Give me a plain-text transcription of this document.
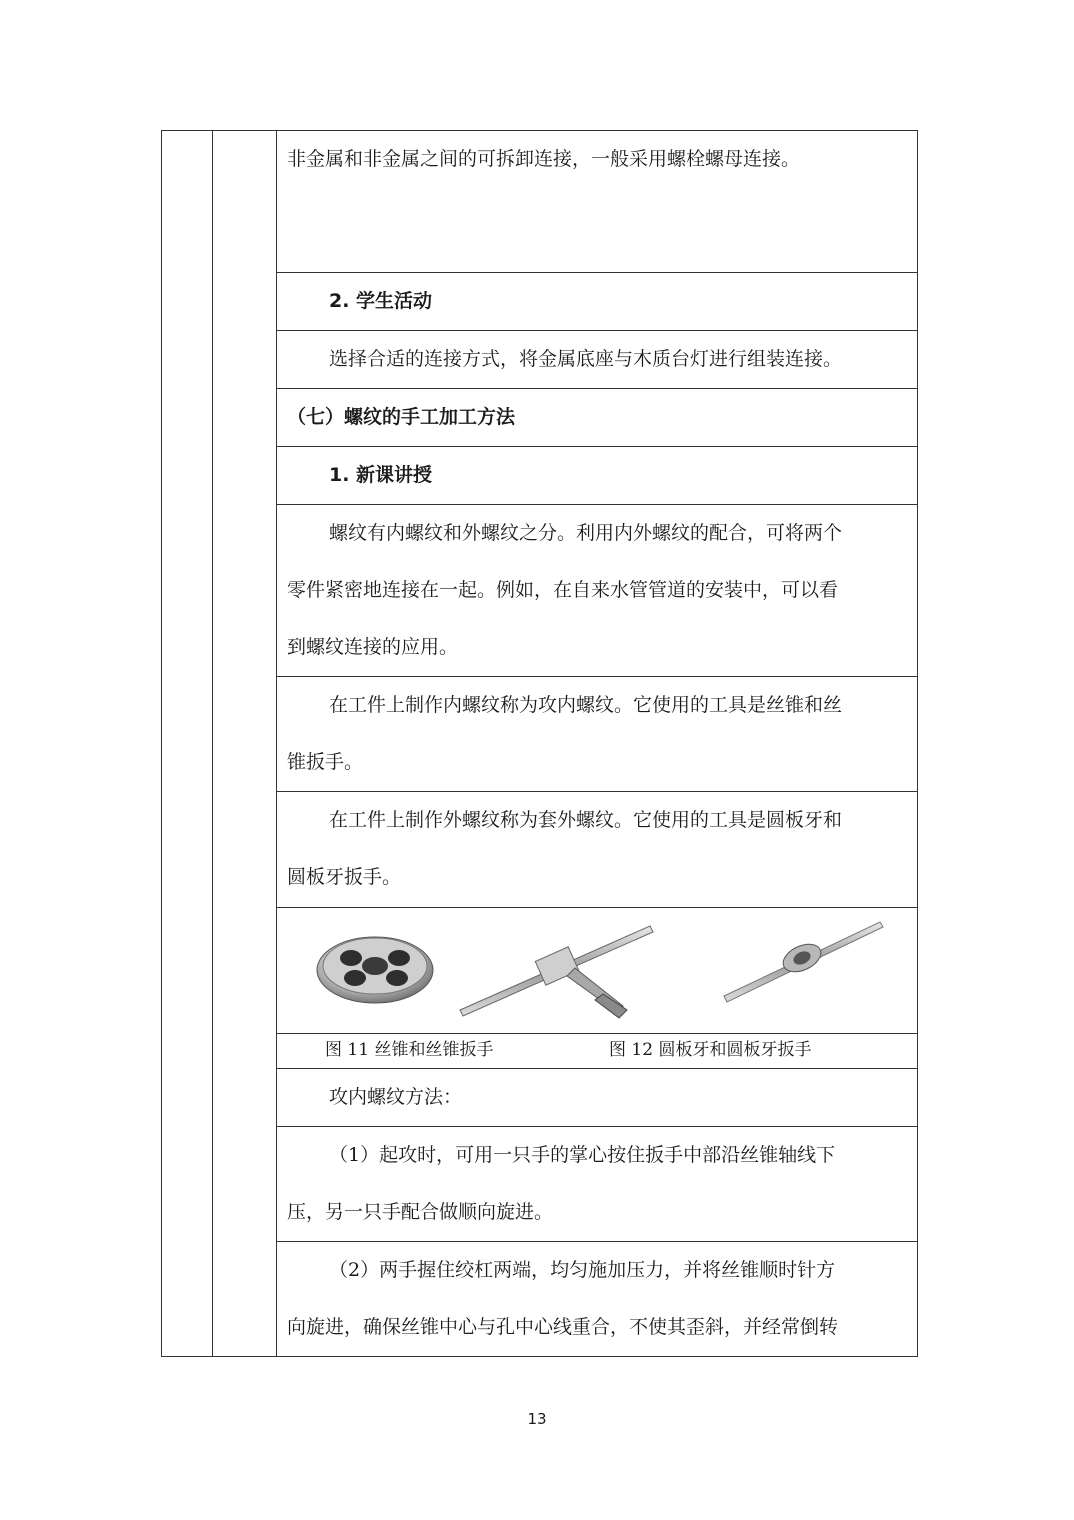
非金属和非金属之间的可拆卸连接，一般采用螺栓螺母连接。

2. 学生活动

选择合适的连接方式，将金属底座与木质台灯进行组装连接。

（七）螺纹的手工加工方法

1. 新课讲授

螺纹有内螺纹和外螺纹之分。利用内外螺纹的配合，可将两个

零件紧密地连接在一起。例如，在自来水管管道的安装中，可以看

到螺纹连接的应用。

在工件上制作内螺纹称为攻内螺纹。它使用的工具是丝锥和丝

锥扳手。

在工件上制作外螺纹称为套外螺纹。它使用的工具是圆板牙和

圆板牙扳手。

图 11 丝锥和丝锥扳手	图 12 圆板牙和圆板牙扳手

攻内螺纹方法：

（1）起攻时，可用一只手的掌心按住扳手中部沿丝锥轴线下

压，另一只手配合做顺向旋进。

（2）两手握住绞杠两端，均匀施加压力，并将丝锥顺时针方

向旋进，确保丝锥中心与孔中心线重合，不使其歪斜，并经常倒转

13
